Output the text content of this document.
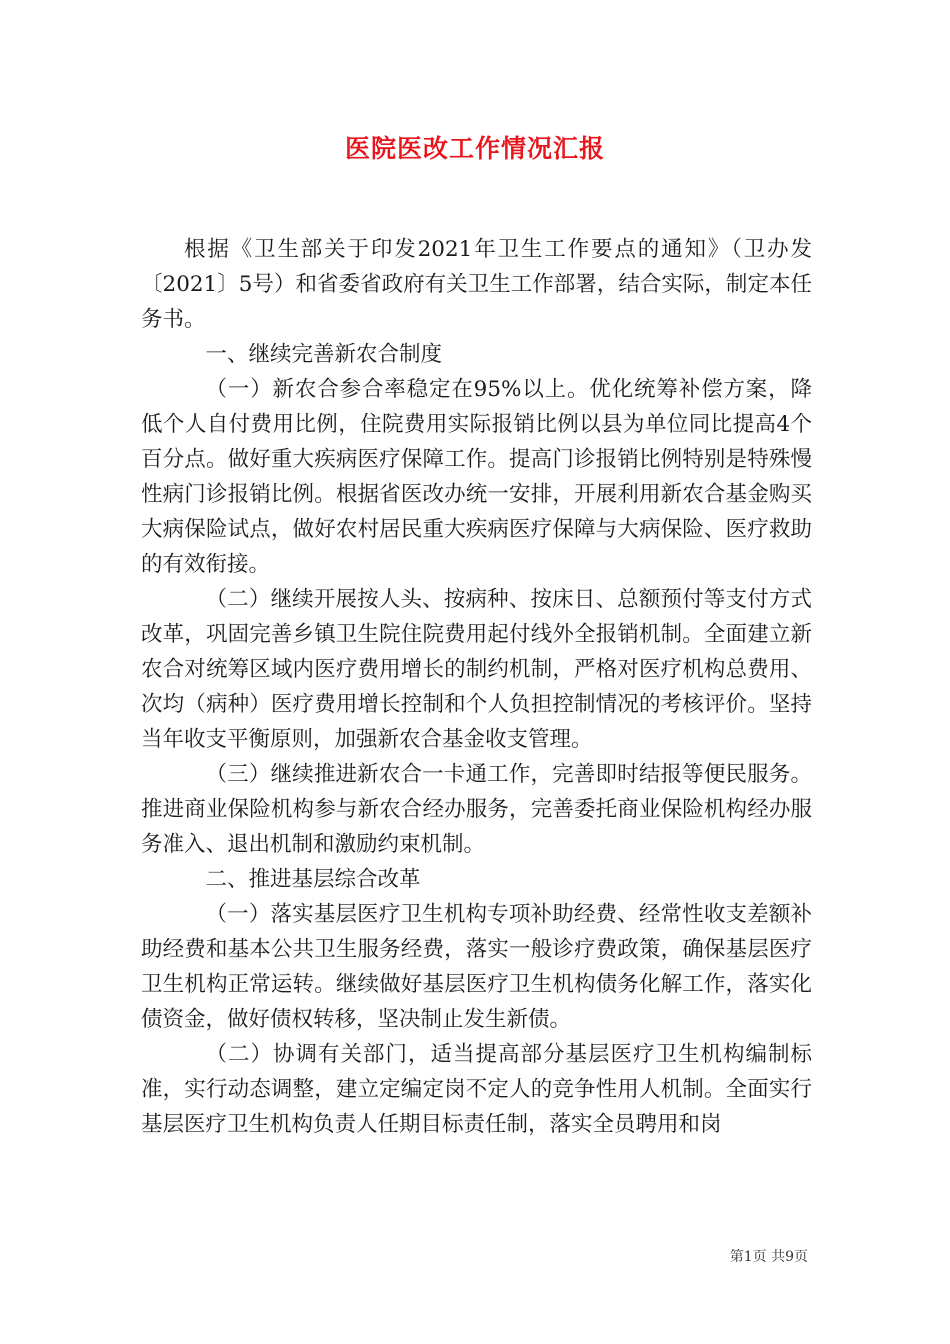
医院医改工作情况汇报

根据《卫生部关于印发2021年卫生工作要点的通知》（卫办发〔2021〕5号）和省委省政府有关卫生工作部署，结合实际，制定本任务书。

一、继续完善新农合制度

（一）新农合参合率稳定在95%以上。优化统筹补偿方案，降低个人自付费用比例，住院费用实际报销比例以县为单位同比提高4个百分点。做好重大疾病医疗保障工作。提高门诊报销比例特别是特殊慢性病门诊报销比例。根据省医改办统一安排，开展利用新农合基金购买大病保险试点，做好农村居民重大疾病医疗保障与大病保险、医疗救助的有效衔接。

（二）继续开展按人头、按病种、按床日、总额预付等支付方式改革，巩固完善乡镇卫生院住院费用起付线外全报销机制。全面建立新农合对统筹区域内医疗费用增长的制约机制，严格对医疗机构总费用、次均（病种）医疗费用增长控制和个人负担控制情况的考核评价。坚持当年收支平衡原则，加强新农合基金收支管理。

（三）继续推进新农合一卡通工作，完善即时结报等便民服务。推进商业保险机构参与新农合经办服务，完善委托商业保险机构经办服务准入、退出机制和激励约束机制。

二、推进基层综合改革

（一）落实基层医疗卫生机构专项补助经费、经常性收支差额补助经费和基本公共卫生服务经费，落实一般诊疗费政策，确保基层医疗卫生机构正常运转。继续做好基层医疗卫生机构债务化解工作，落实化债资金，做好债权转移，坚决制止发生新债。

（二）协调有关部门，适当提高部分基层医疗卫生机构编制标准，实行动态调整，建立定编定岗不定人的竞争性用人机制。全面实行基层医疗卫生机构负责人任期目标责任制，落实全员聘用和岗

第1页 共9页
